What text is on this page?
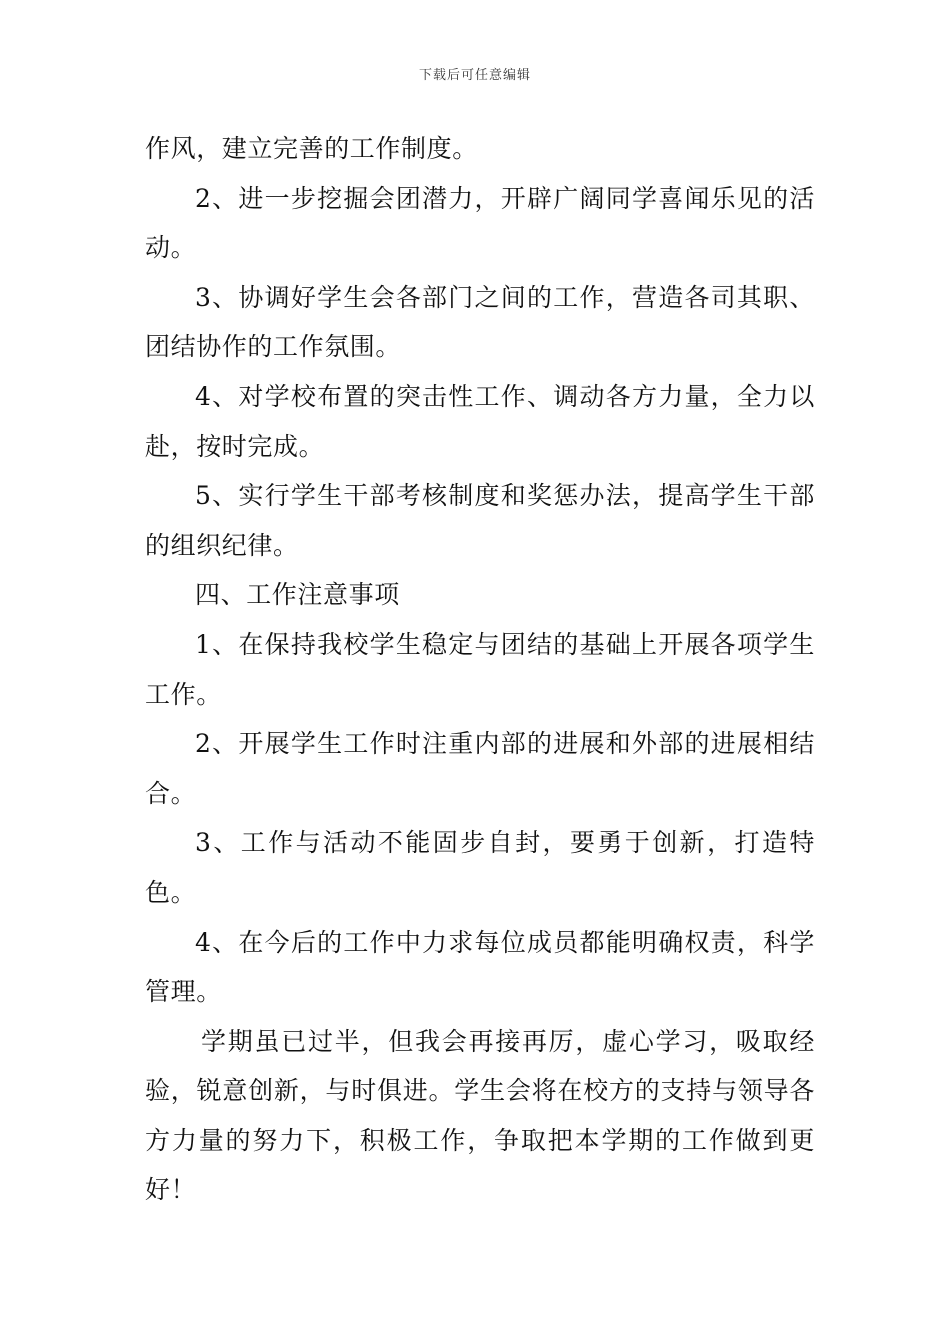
下载后可任意编辑

作风，建立完善的工作制度。

2、进一步挖掘会团潜力，开辟广阔同学喜闻乐见的活动。

3、协调好学生会各部门之间的工作，营造各司其职、团结协作的工作氛围。

4、对学校布置的突击性工作、调动各方力量，全力以赴，按时完成。

5、实行学生干部考核制度和奖惩办法，提高学生干部的组织纪律。

四、工作注意事项

1、在保持我校学生稳定与团结的基础上开展各项学生工作。

2、开展学生工作时注重内部的进展和外部的进展相结合。

3、工作与活动不能固步自封，要勇于创新，打造特色。

4、在今后的工作中力求每位成员都能明确权责，科学管理。

学期虽已过半，但我会再接再厉，虚心学习，吸取经验，锐意创新，与时俱进。学生会将在校方的支持与领导各方力量的努力下，积极工作，争取把本学期的工作做到更好！
